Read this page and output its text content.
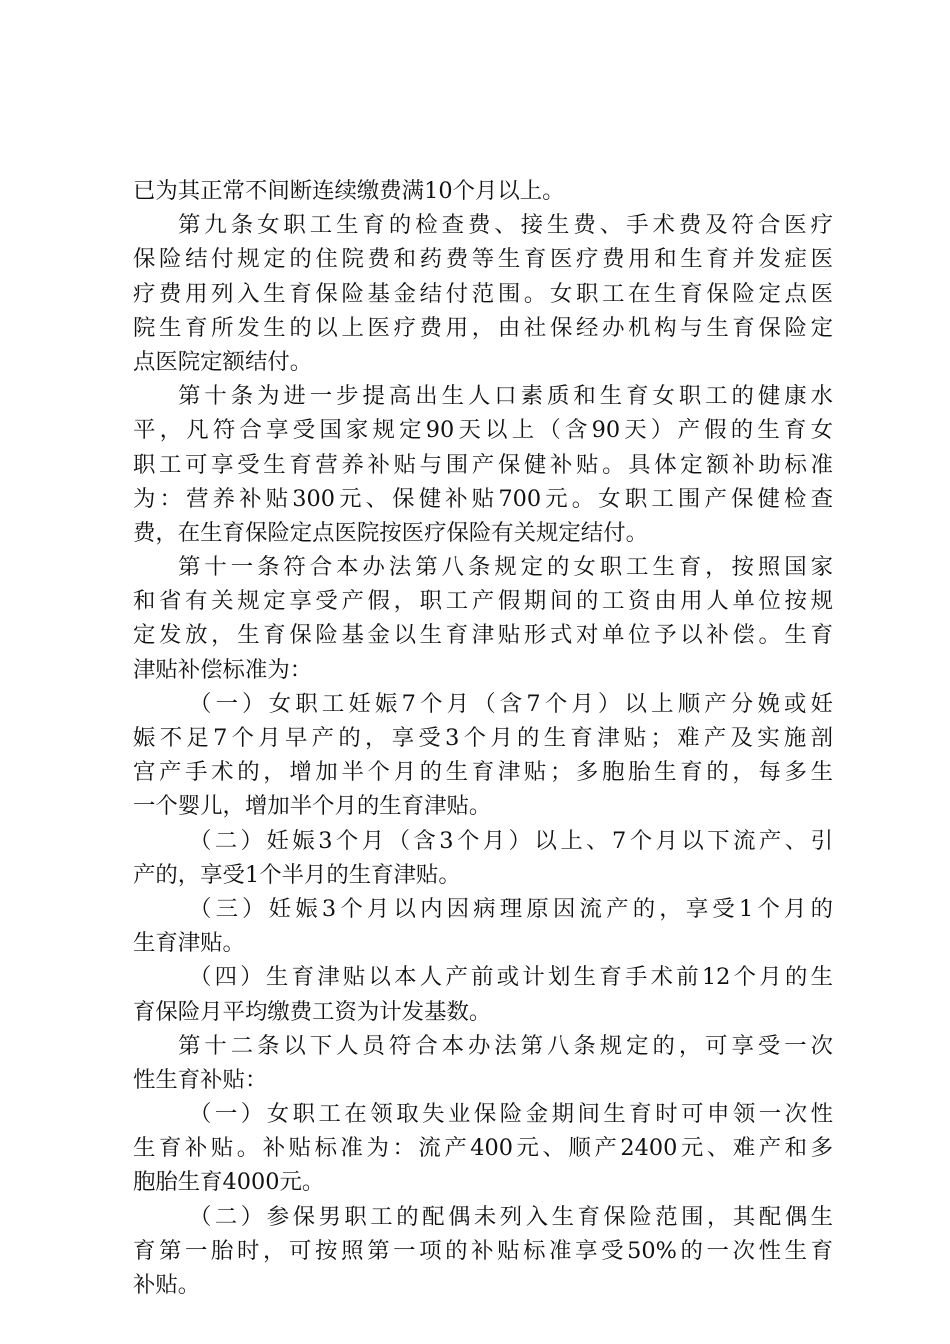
已为其正常不间断连续缴费满10个月以上。
第九条女职工生育的检查费、接生费、手术费及符合医疗
保险结付规定的住院费和药费等生育医疗费用和生育并发症医
疗费用列入生育保险基金结付范围。女职工在生育保险定点医
院生育所发生的以上医疗费用，由社保经办机构与生育保险定
点医院定额结付。
第十条为进一步提高出生人口素质和生育女职工的健康水
平，凡符合享受国家规定90天以上（含90天）产假的生育女
职工可享受生育营养补贴与围产保健补贴。具体定额补助标准
为：营养补贴300元、保健补贴700元。女职工围产保健检查
费，在生育保险定点医院按医疗保险有关规定结付。
第十一条符合本办法第八条规定的女职工生育，按照国家
和省有关规定享受产假，职工产假期间的工资由用人单位按规
定发放，生育保险基金以生育津贴形式对单位予以补偿。生育
津贴补偿标准为：
（一）女职工妊娠7个月（含7个月）以上顺产分娩或妊
娠不足7个月早产的，享受3个月的生育津贴；难产及实施剖
宫产手术的，增加半个月的生育津贴；多胞胎生育的，每多生
一个婴儿，增加半个月的生育津贴。
（二）妊娠3个月（含3个月）以上、7个月以下流产、引
产的，享受1个半月的生育津贴。
（三）妊娠3个月以内因病理原因流产的，享受1个月的
生育津贴。
（四）生育津贴以本人产前或计划生育手术前12个月的生
育保险月平均缴费工资为计发基数。
第十二条以下人员符合本办法第八条规定的，可享受一次
性生育补贴：
（一）女职工在领取失业保险金期间生育时可申领一次性
生育补贴。补贴标准为：流产400元、顺产2400元、难产和多
胞胎生育4000元。
（二）参保男职工的配偶未列入生育保险范围，其配偶生
育第一胎时，可按照第一项的补贴标准享受50%的一次性生育
补贴。
